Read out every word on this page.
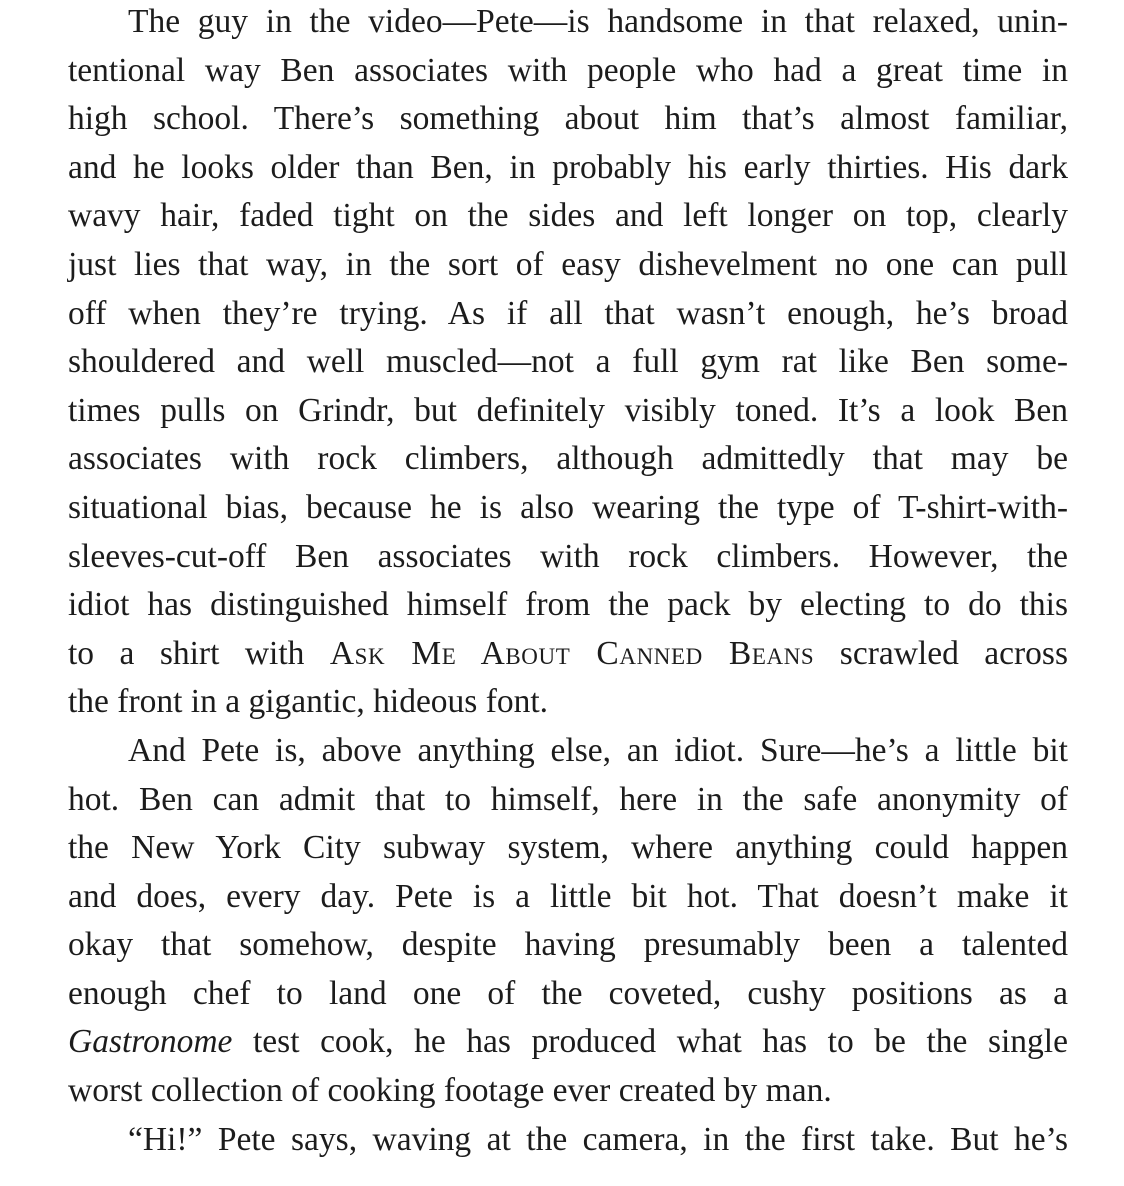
The guy in the video—Pete—is handsome in that relaxed, unin-
tentional way Ben associates with people who had a great time in
high school. There’s something about him that’s almost familiar,
and he looks older than Ben, in probably his early thirties. His dark
wavy hair, faded tight on the sides and left longer on top, clearly
just lies that way, in the sort of easy dishevelment no one can pull
off when they’re trying. As if all that wasn’t enough, he’s broad
shouldered and well muscled—not a full gym rat like Ben some-
times pulls on Grindr, but definitely visibly toned. It’s a look Ben
associates with rock climbers, although admittedly that may be
situational bias, because he is also wearing the type of T-shirt-with-
sleeves-cut-off Ben associates with rock climbers. However, the
idiot has distinguished himself from the pack by electing to do this
to a shirt with Ask Me About Canned Beans scrawled across
the front in a gigantic, hideous font.
And Pete is, above anything else, an idiot. Sure—he’s a little bit
hot. Ben can admit that to himself, here in the safe anonymity of
the New York City subway system, where anything could happen
and does, every day. Pete is a little bit hot. That doesn’t make it
okay that somehow, despite having presumably been a talented
enough chef to land one of the coveted, cushy positions as a
Gastronome test cook, he has produced what has to be the single
worst collection of cooking footage ever created by man.
“Hi!” Pete says, waving at the camera, in the first take. But he’s
